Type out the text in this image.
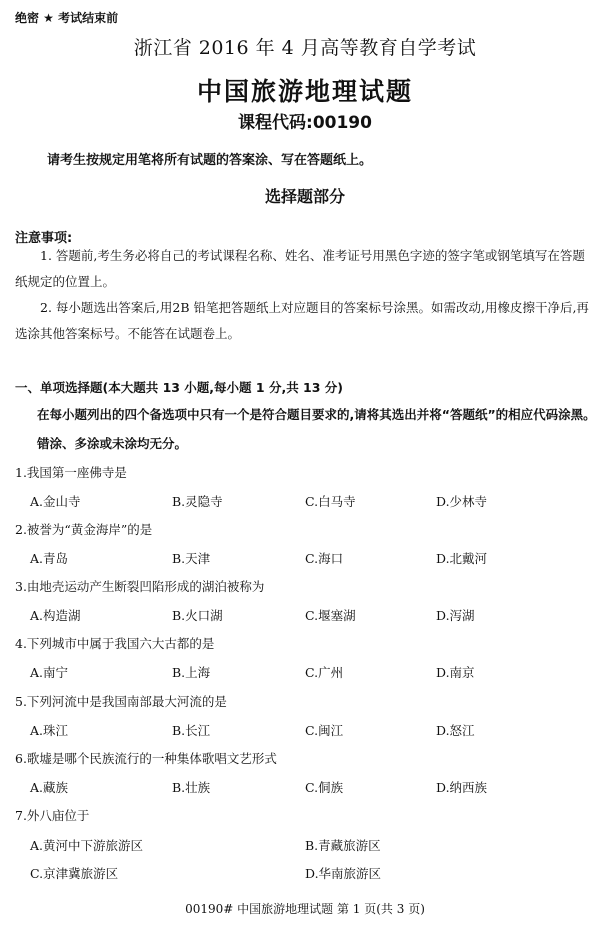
绝密 ★ 考试结束前
浙江省 2016 年 4 月高等教育自学考试
中国旅游地理试题
课程代码:00190
请考生按规定用笔将所有试题的答案涂、写在答题纸上。
选择题部分
注意事项:
1. 答题前,考生务必将自己的考试课程名称、姓名、准考证号用黑色字迹的签字笔或钢笔填写在答题纸规定的位置上。
2. 每小题选出答案后,用2B 铅笔把答题纸上对应题目的答案标号涂黑。如需改动,用橡皮擦干净后,再选涂其他答案标号。不能答在试题卷上。
一、单项选择题(本大题共 13 小题,每小题 1 分,共 13 分)
在每小题列出的四个备选项中只有一个是符合题目要求的,请将其选出并将“答题纸”的相应代码涂黑。错涂、多涂或未涂均无分。
1.我国第一座佛寺是
A.金山寺	B.灵隐寺	C.白马寺	D.少林寺
2.被誉为“黄金海岸”的是
A.青岛	B.天津	C.海口	D.北戴河
3.由地壳运动产生断裂凹陷形成的湖泊被称为
A.构造湖	B.火口湖	C.堰塞湖	D.泻湖
4.下列城市中属于我国六大古都的是
A.南宁	B.上海	C.广州	D.南京
5.下列河流中是我国南部最大河流的是
A.珠江	B.长江	C.闽江	D.怒江
6.歌墟是哪个民族流行的一种集体歌唱文艺形式
A.藏族	B.壮族	C.侗族	D.纳西族
7.外八庙位于
A.黄河中下游旅游区	B.青藏旅游区
C.京津冀旅游区	D.华南旅游区
00190# 中国旅游地理试题 第 1 页(共 3 页)
